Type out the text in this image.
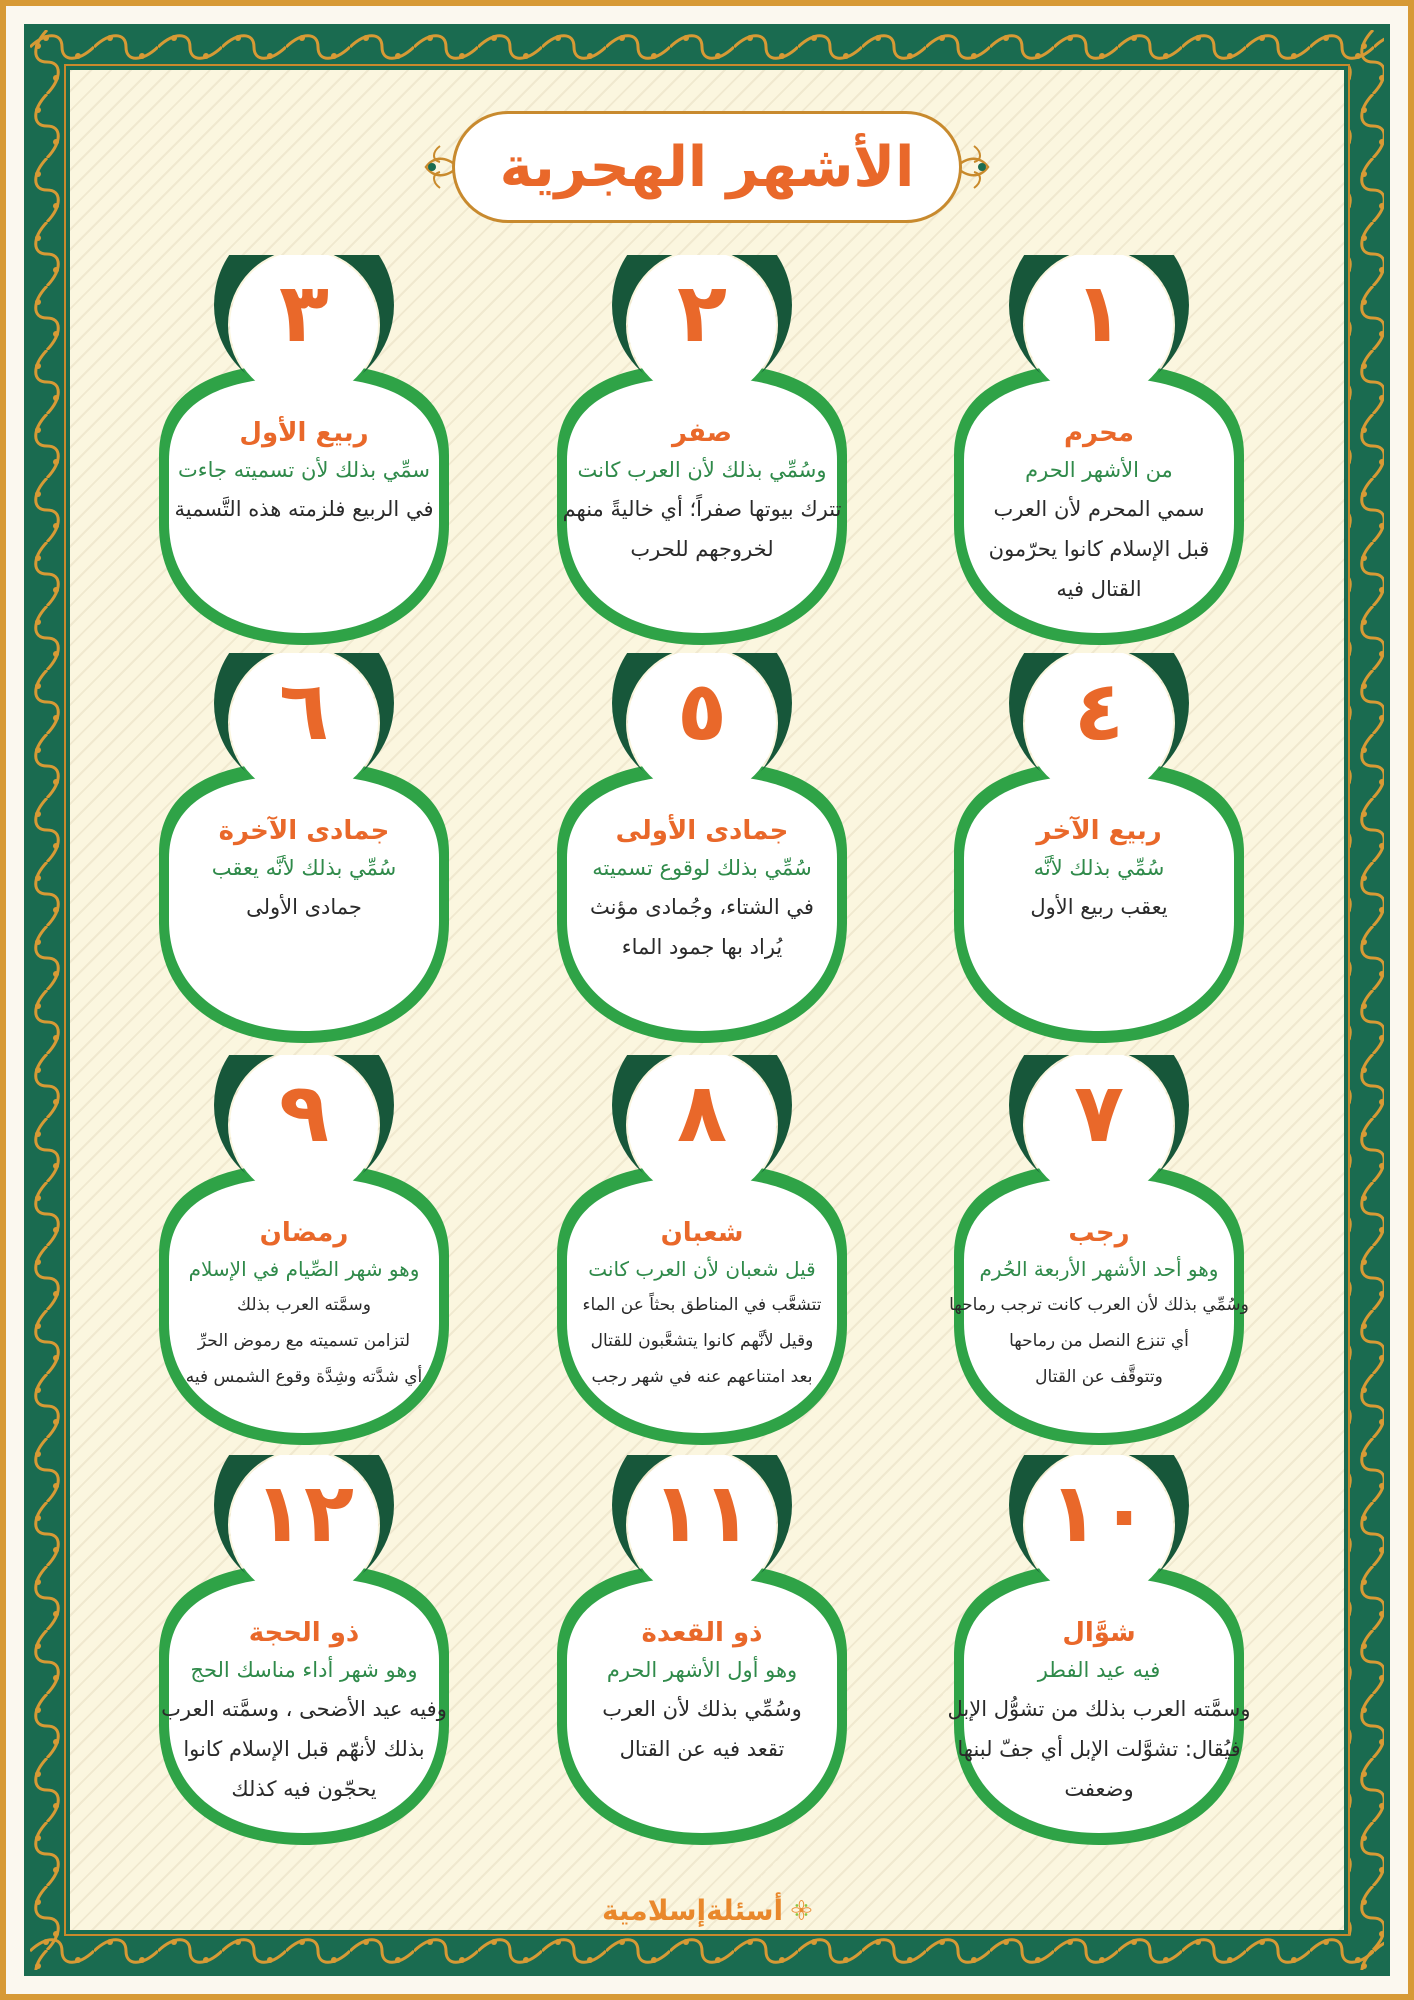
الأشهر الهجرية
١
محرم
من الأشهر الحرم
سمي المحرم لأن العرب
قبل الإسلام كانوا يحرّمون
القتال فيه
٢
صفر
وسُمِّي بذلك لأن العرب كانت
تترك بيوتها صفراً؛ أي خاليةً منهم
لخروجهم للحرب
٣
ربيع الأول
سمِّي بذلك لأن تسميته جاءت
في الربيع فلزمته هذه التَّسمية
٤
ربيع الآخر
سُمِّي بذلك لأنَّه
يعقب ربيع الأول
٥
جمادى الأولى
سُمِّي بذلك لوقوع تسميته
في الشتاء، وجُمادى مؤنث
يُراد بها جمود الماء
٦
جمادى الآخرة
سُمِّي بذلك لأنَّه يعقب
جمادى الأولى
٧
رجب
وهو أحد الأشهر الأربعة الحُرم
وسُمِّي بذلك لأن العرب كانت ترجب رماحها
أي تنزع النصل من رماحها
وتتوقَّف عن القتال
٨
شعبان
قيل شعبان لأن العرب كانت
تتشعَّب في المناطق بحثاً عن الماء
وقيل لأنَّهم كانوا يتشعَّبون للقتال
بعد امتناعهم عنه في شهر رجب
٩
رمضان
وهو شهر الصِّيام في الإسلام
وسمَّته العرب بذلك
لتزامن تسميته مع رموض الحرِّ
أي شدَّته وشِدَّة وقوع الشمس فيه
١٠
شوَّال
فيه عيد الفطر
وسمَّته العرب بذلك من تشوُّل الإبل
فيُقال: تشوَّلت الإبل أي جفّ لبنها
وضعفت
١١
ذو القعدة
وهو أول الأشهر الحرم
وسُمِّي بذلك لأن العرب
تقعد فيه عن القتال
١٢
ذو الحجة
وهو شهر أداء مناسك الحج
وفيه عيد الأضحى ، وسمَّته العرب
بذلك لأنهّم قبل الإسلام كانوا
يحجّون فيه كذلك
أسئلةإسلامية
